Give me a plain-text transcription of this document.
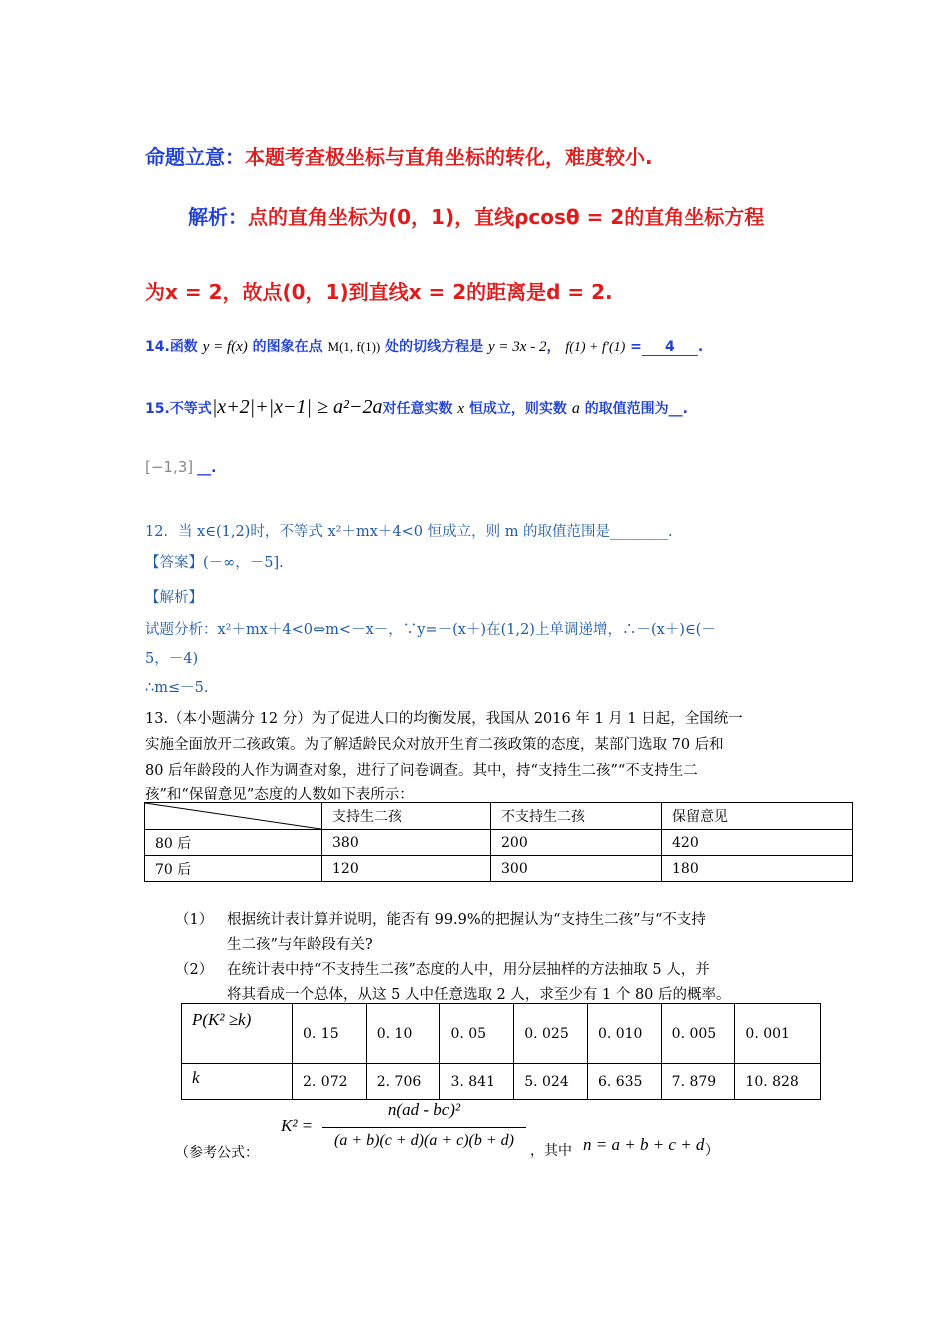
命题立意：本题考查极坐标与直角坐标的转化，难度较小.
解析：点的直角坐标为(0，1)，直线ρcosθ = 2的直角坐标方程
为x = 2，故点(0，1)到直线x = 2的距离是d = 2.
14.函数 y = f(x) 的图象在点 M(1, f(1)) 处的切线方程是 y = 3x - 2， f(1) + f′(1) = 4 .
15.不等式|x+2|+|x−1| ≥ a²−2a对任意实数 x 恒成立，则实数 a 的取值范围为__.
[−1,3] __.
12．当 x∈(1,2)时，不等式 x²＋mx＋4<0 恒成立，则 m 的取值范围是________.
【答案】(－∞，－5].
【解析】
试题分析：x²＋mx＋4<0⇔m<－x－，∵y=－(x＋)在(1,2)上单调递增，∴－(x＋)∈(－
5，－4)
∴m≤－5.
13.（本小题满分 12 分）为了促进人口的均衡发展，我国从 2016 年 1 月 1 日起，全国统一
实施全面放开二孩政策。为了解适龄民众对放开生育二孩政策的态度，某部门选取 70 后和
80 后年龄段的人作为调查对象，进行了问卷调查。其中，持“支持生二孩”“不支持生二
孩”和“保留意见”态度的人数如下表所示：
	支持生二孩	不支持生二孩	保留意见
80 后	380	200	420
70 后	120	300	180
（1） 根据统计表计算并说明，能否有 99.9%的把握认为“支持生二孩”与“不支持
生二孩”与年龄段有关?
（2） 在统计表中持“不支持生二孩”态度的人中，用分层抽样的方法抽取 5 人，并
将其看成一个总体，从这 5 人中任意选取 2 人，求至少有 1 个 80 后的概率。
P(K² ≥k)	0. 15	0. 10	0. 05	0. 025	0. 010	0. 005	0. 001
k	2. 072	2. 706	3. 841	5. 024	6. 635	7. 879	10. 828
（参考公式：
K² =
n(ad - bc)²
(a + b)(c + d)(a + c)(b + d)
，其中 n = a + b + c + d ）
